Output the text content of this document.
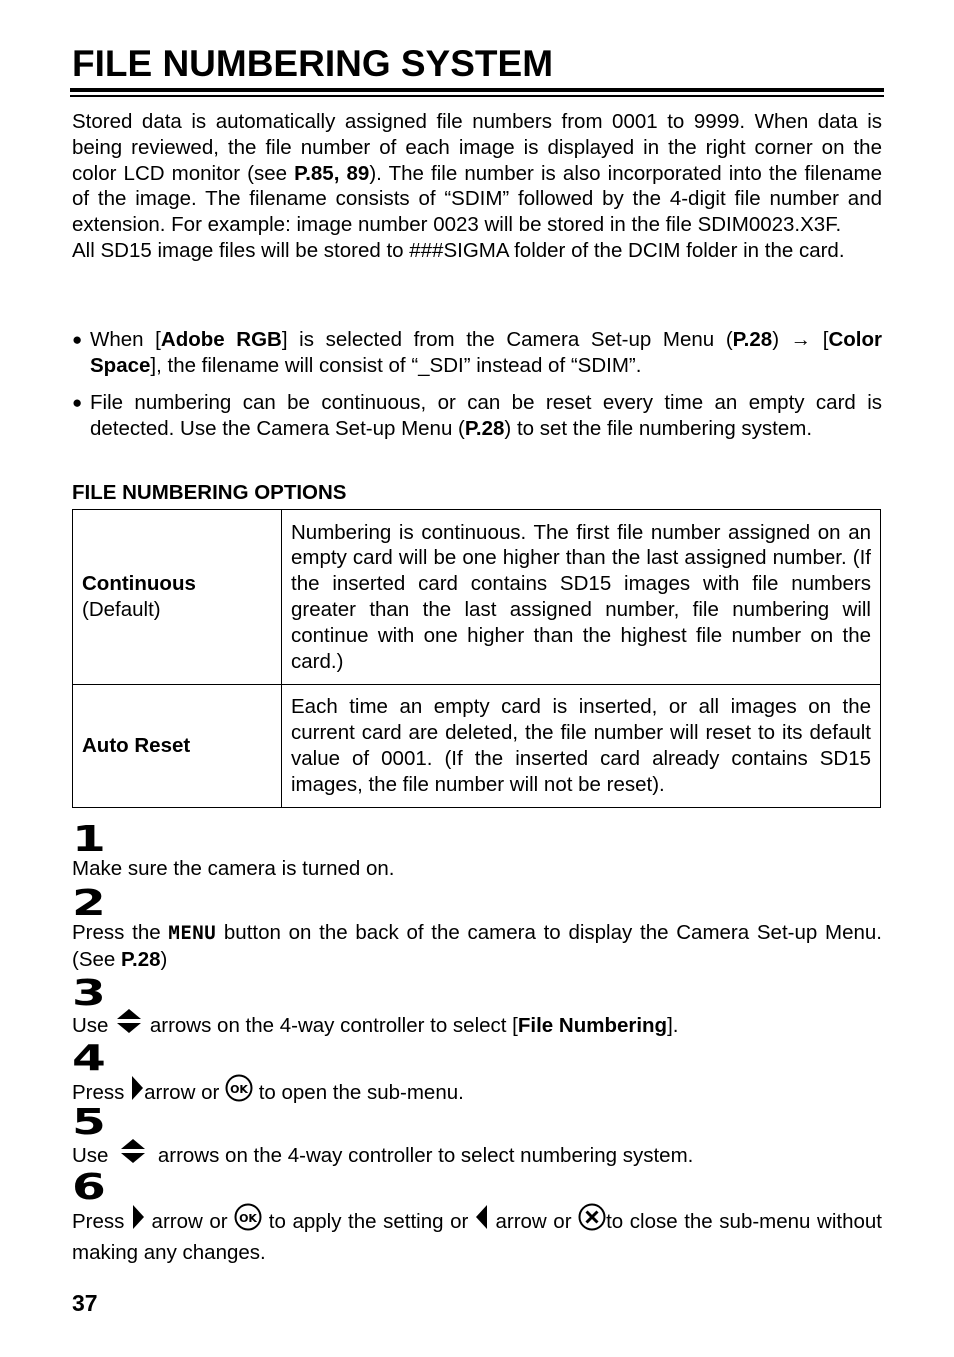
FILE NUMBERING SYSTEM

Stored data is automatically assigned file numbers from 0001 to 9999. When data is being reviewed, the file number of each image is displayed in the right corner on the color LCD monitor (see P.85, 89). The file number is also incorporated into the filename of the image. The filename consists of “SDIM” followed by the 4-digit file number and extension. For example: image number 0023 will be stored in the file SDIM0023.X3F.

All SD15 image files will be stored to ###SIGMA folder of the DCIM folder in the card.

● When [Adobe RGB] is selected from the Camera Set-up Menu (P.28) → [Color Space], the filename will consist of “_SDI” instead of “SDIM”.

● File numbering can be continuous, or can be reset every time an empty card is detected. Use the Camera Set-up Menu (P.28) to set the file numbering system.

FILE NUMBERING OPTIONS
Continuous
(Default)	Numbering is continuous. The first file number assigned on an empty card will be one higher than the last assigned number. (If the inserted card contains SD15 images with file numbers greater than the last assigned number, file numbering will continue with one higher than the highest file number on the card.)
Auto Reset	Each time an empty card is inserted, or all images on the current card are deleted, the file number will reset to its default value of 0001. (If the inserted card already contains SD15 images, the file number will not be reset).
1

Make sure the camera is turned on.

2

Press the MENU button on the back of the camera to display the Camera Set-up Menu. (See P.28)

3

Use  arrows on the 4-way controller to select [File Numbering].

4

Press arrow or OK to open the sub-menu.

5

Use  arrows on the 4-way controller to select numbering system.

6

Press  arrow or OK to apply the setting or  arrow or to close the sub-menu without making any changes.

37
